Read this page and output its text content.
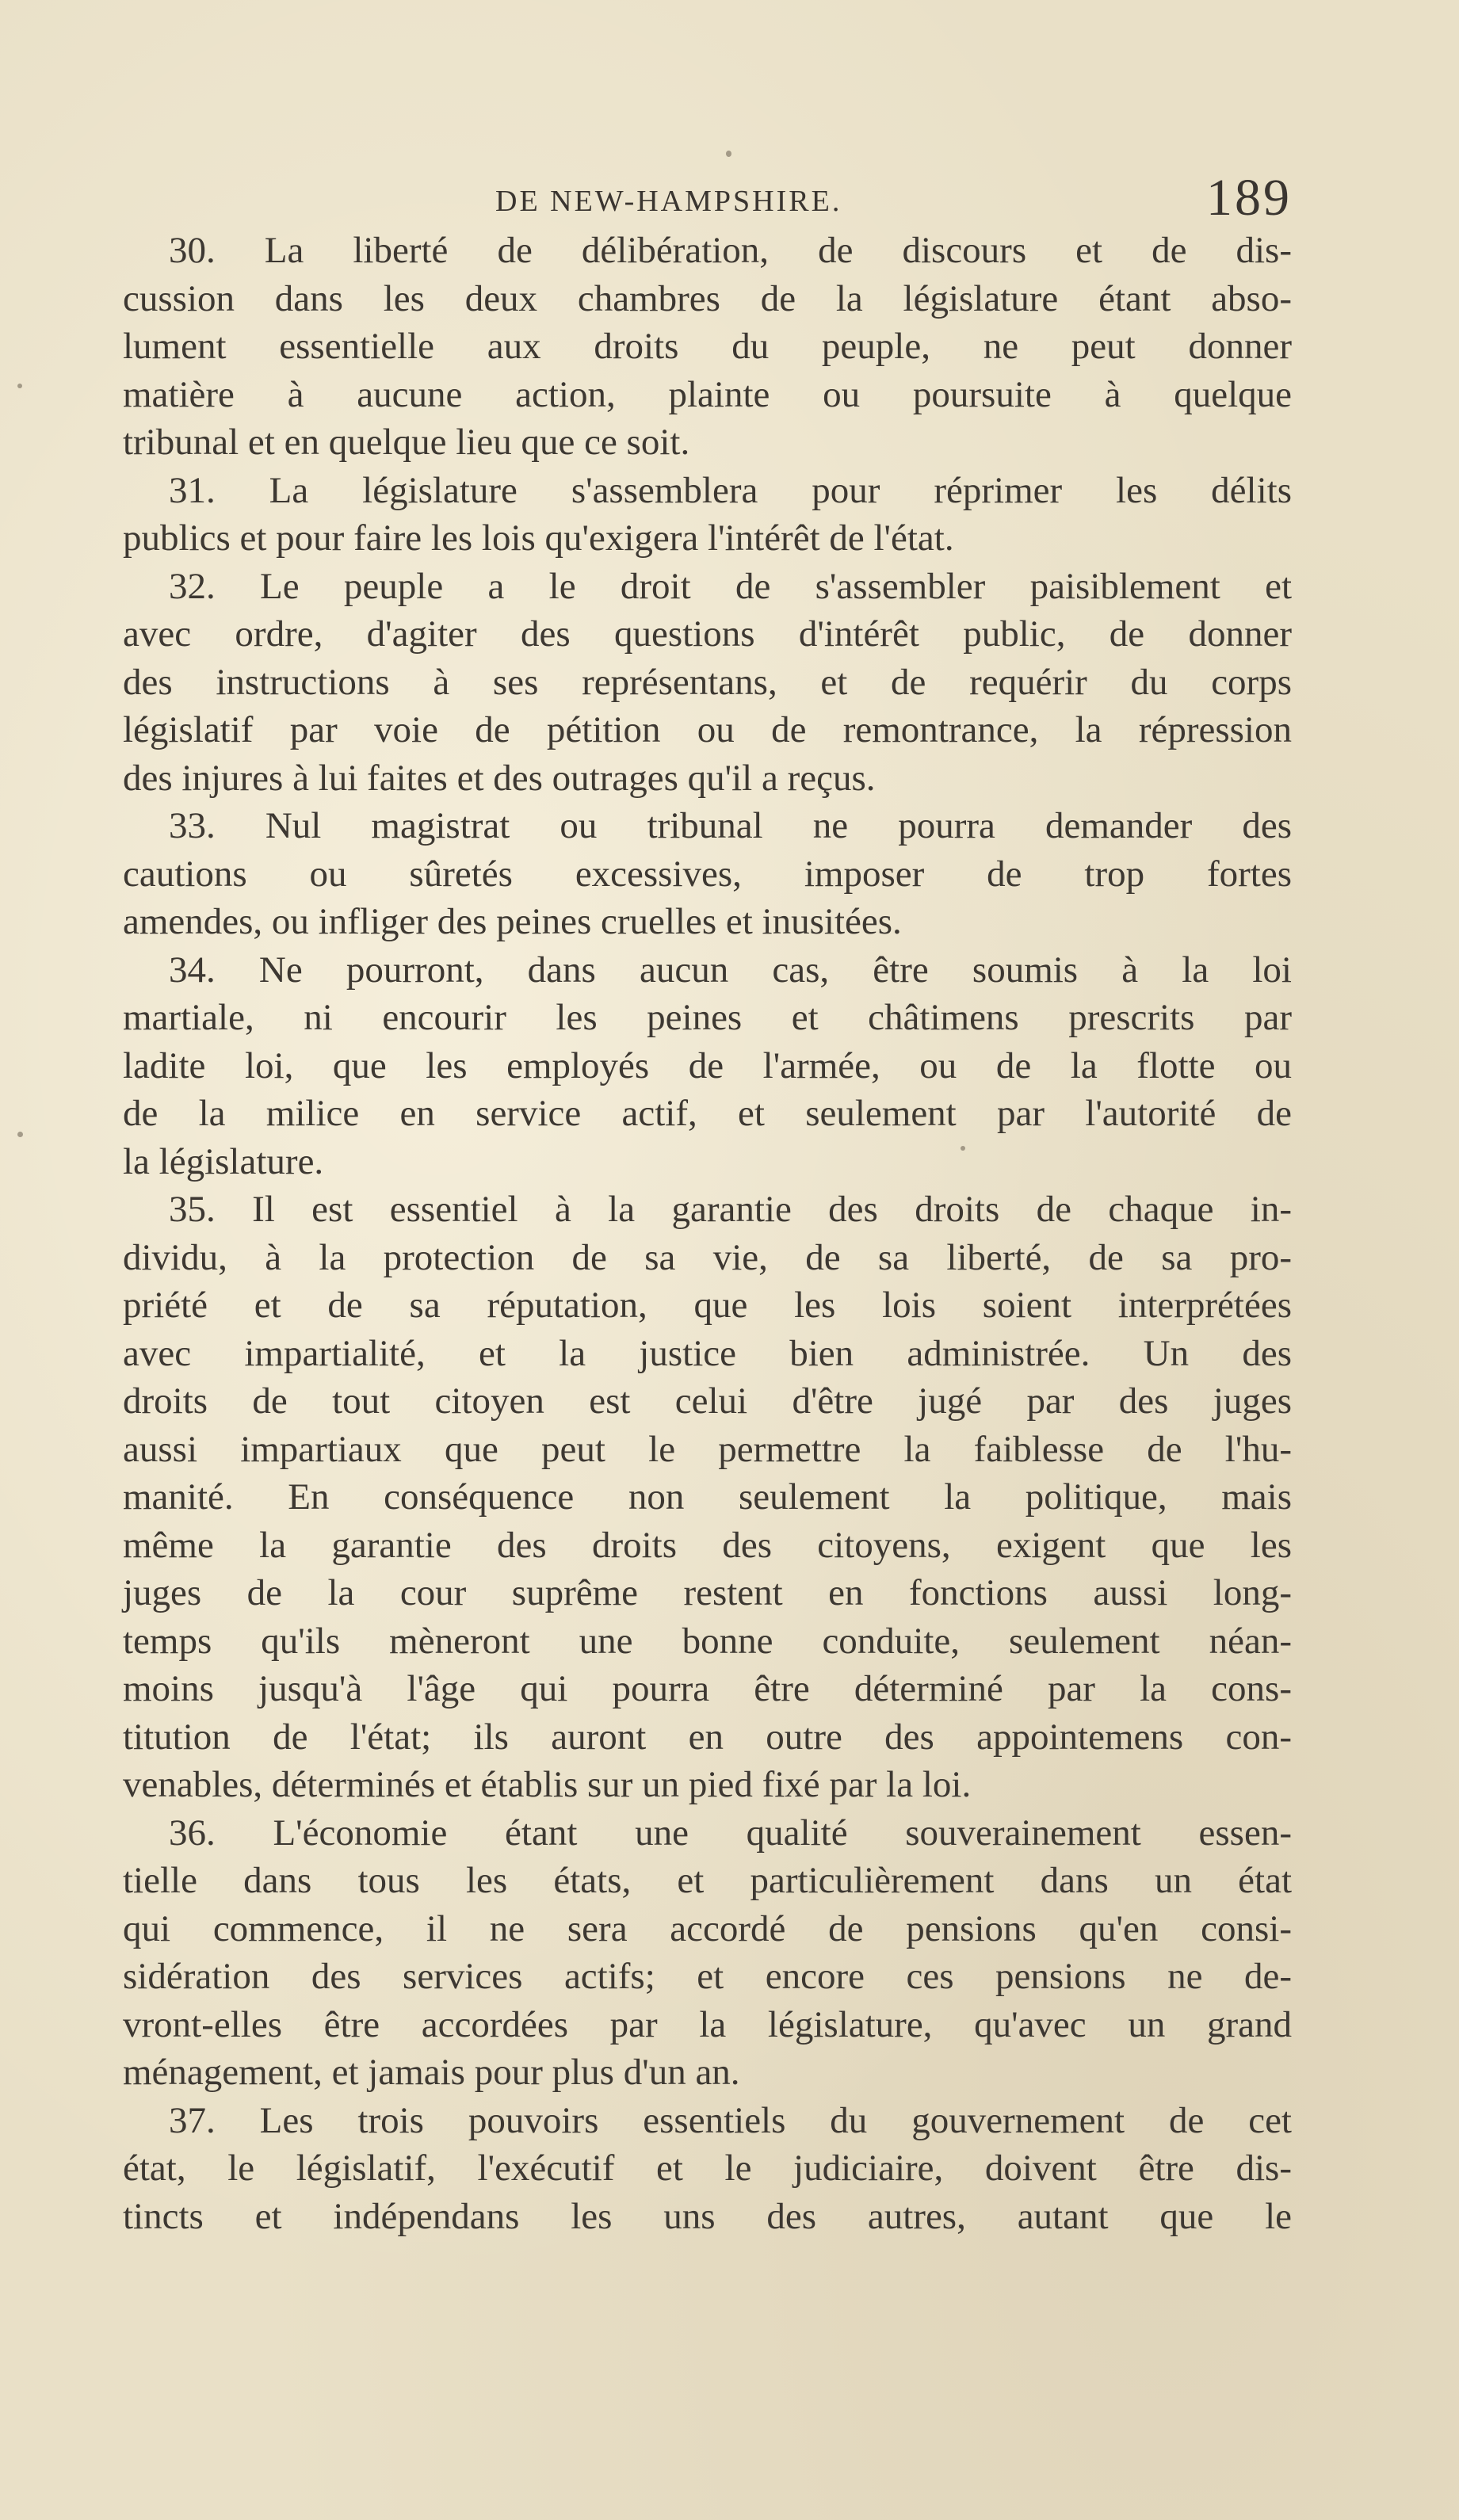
DE NEW-HAMPSHIRE.	189
30. La liberté de délibération, de discours et de dis-
cussion dans les deux chambres de la législature étant abso-
lument essentielle aux droits du peuple, ne peut donner
matière à aucune action, plainte ou poursuite à quelque
tribunal et en quelque lieu que ce soit.
31. La législature s'assemblera pour réprimer les délits
publics et pour faire les lois qu'exigera l'intérêt de l'état.
32. Le peuple a le droit de s'assembler paisiblement et
avec ordre, d'agiter des questions d'intérêt public, de donner
des instructions à ses représentans, et de requérir du corps
législatif par voie de pétition ou de remontrance, la répression
des injures à lui faites et des outrages qu'il a reçus.
33. Nul magistrat ou tribunal ne pourra demander des
cautions ou sûretés excessives, imposer de trop fortes
amendes, ou infliger des peines cruelles et inusitées.
34. Ne pourront, dans aucun cas, être soumis à la loi
martiale, ni encourir les peines et châtimens prescrits par
ladite loi, que les employés de l'armée, ou de la flotte ou
de la milice en service actif, et seulement par l'autorité de
la législature.
35. Il est essentiel à la garantie des droits de chaque in-
dividu, à la protection de sa vie, de sa liberté, de sa pro-
priété et de sa réputation, que les lois soient interprétées
avec impartialité, et la justice bien administrée. Un des
droits de tout citoyen est celui d'être jugé par des juges
aussi impartiaux que peut le permettre la faiblesse de l'hu-
manité. En conséquence non seulement la politique, mais
même la garantie des droits des citoyens, exigent que les
juges de la cour suprême restent en fonctions aussi long-
temps qu'ils mèneront une bonne conduite, seulement néan-
moins jusqu'à l'âge qui pourra être déterminé par la cons-
titution de l'état; ils auront en outre des appointemens con-
venables, déterminés et établis sur un pied fixé par la loi.
36. L'économie étant une qualité souverainement essen-
tielle dans tous les états, et particulièrement dans un état
qui commence, il ne sera accordé de pensions qu'en consi-
sidération des services actifs; et encore ces pensions ne de-
vront-elles être accordées par la législature, qu'avec un grand
ménagement, et jamais pour plus d'un an.
37. Les trois pouvoirs essentiels du gouvernement de cet
état, le législatif, l'exécutif et le judiciaire, doivent être dis-
tincts et indépendans les uns des autres, autant que le
